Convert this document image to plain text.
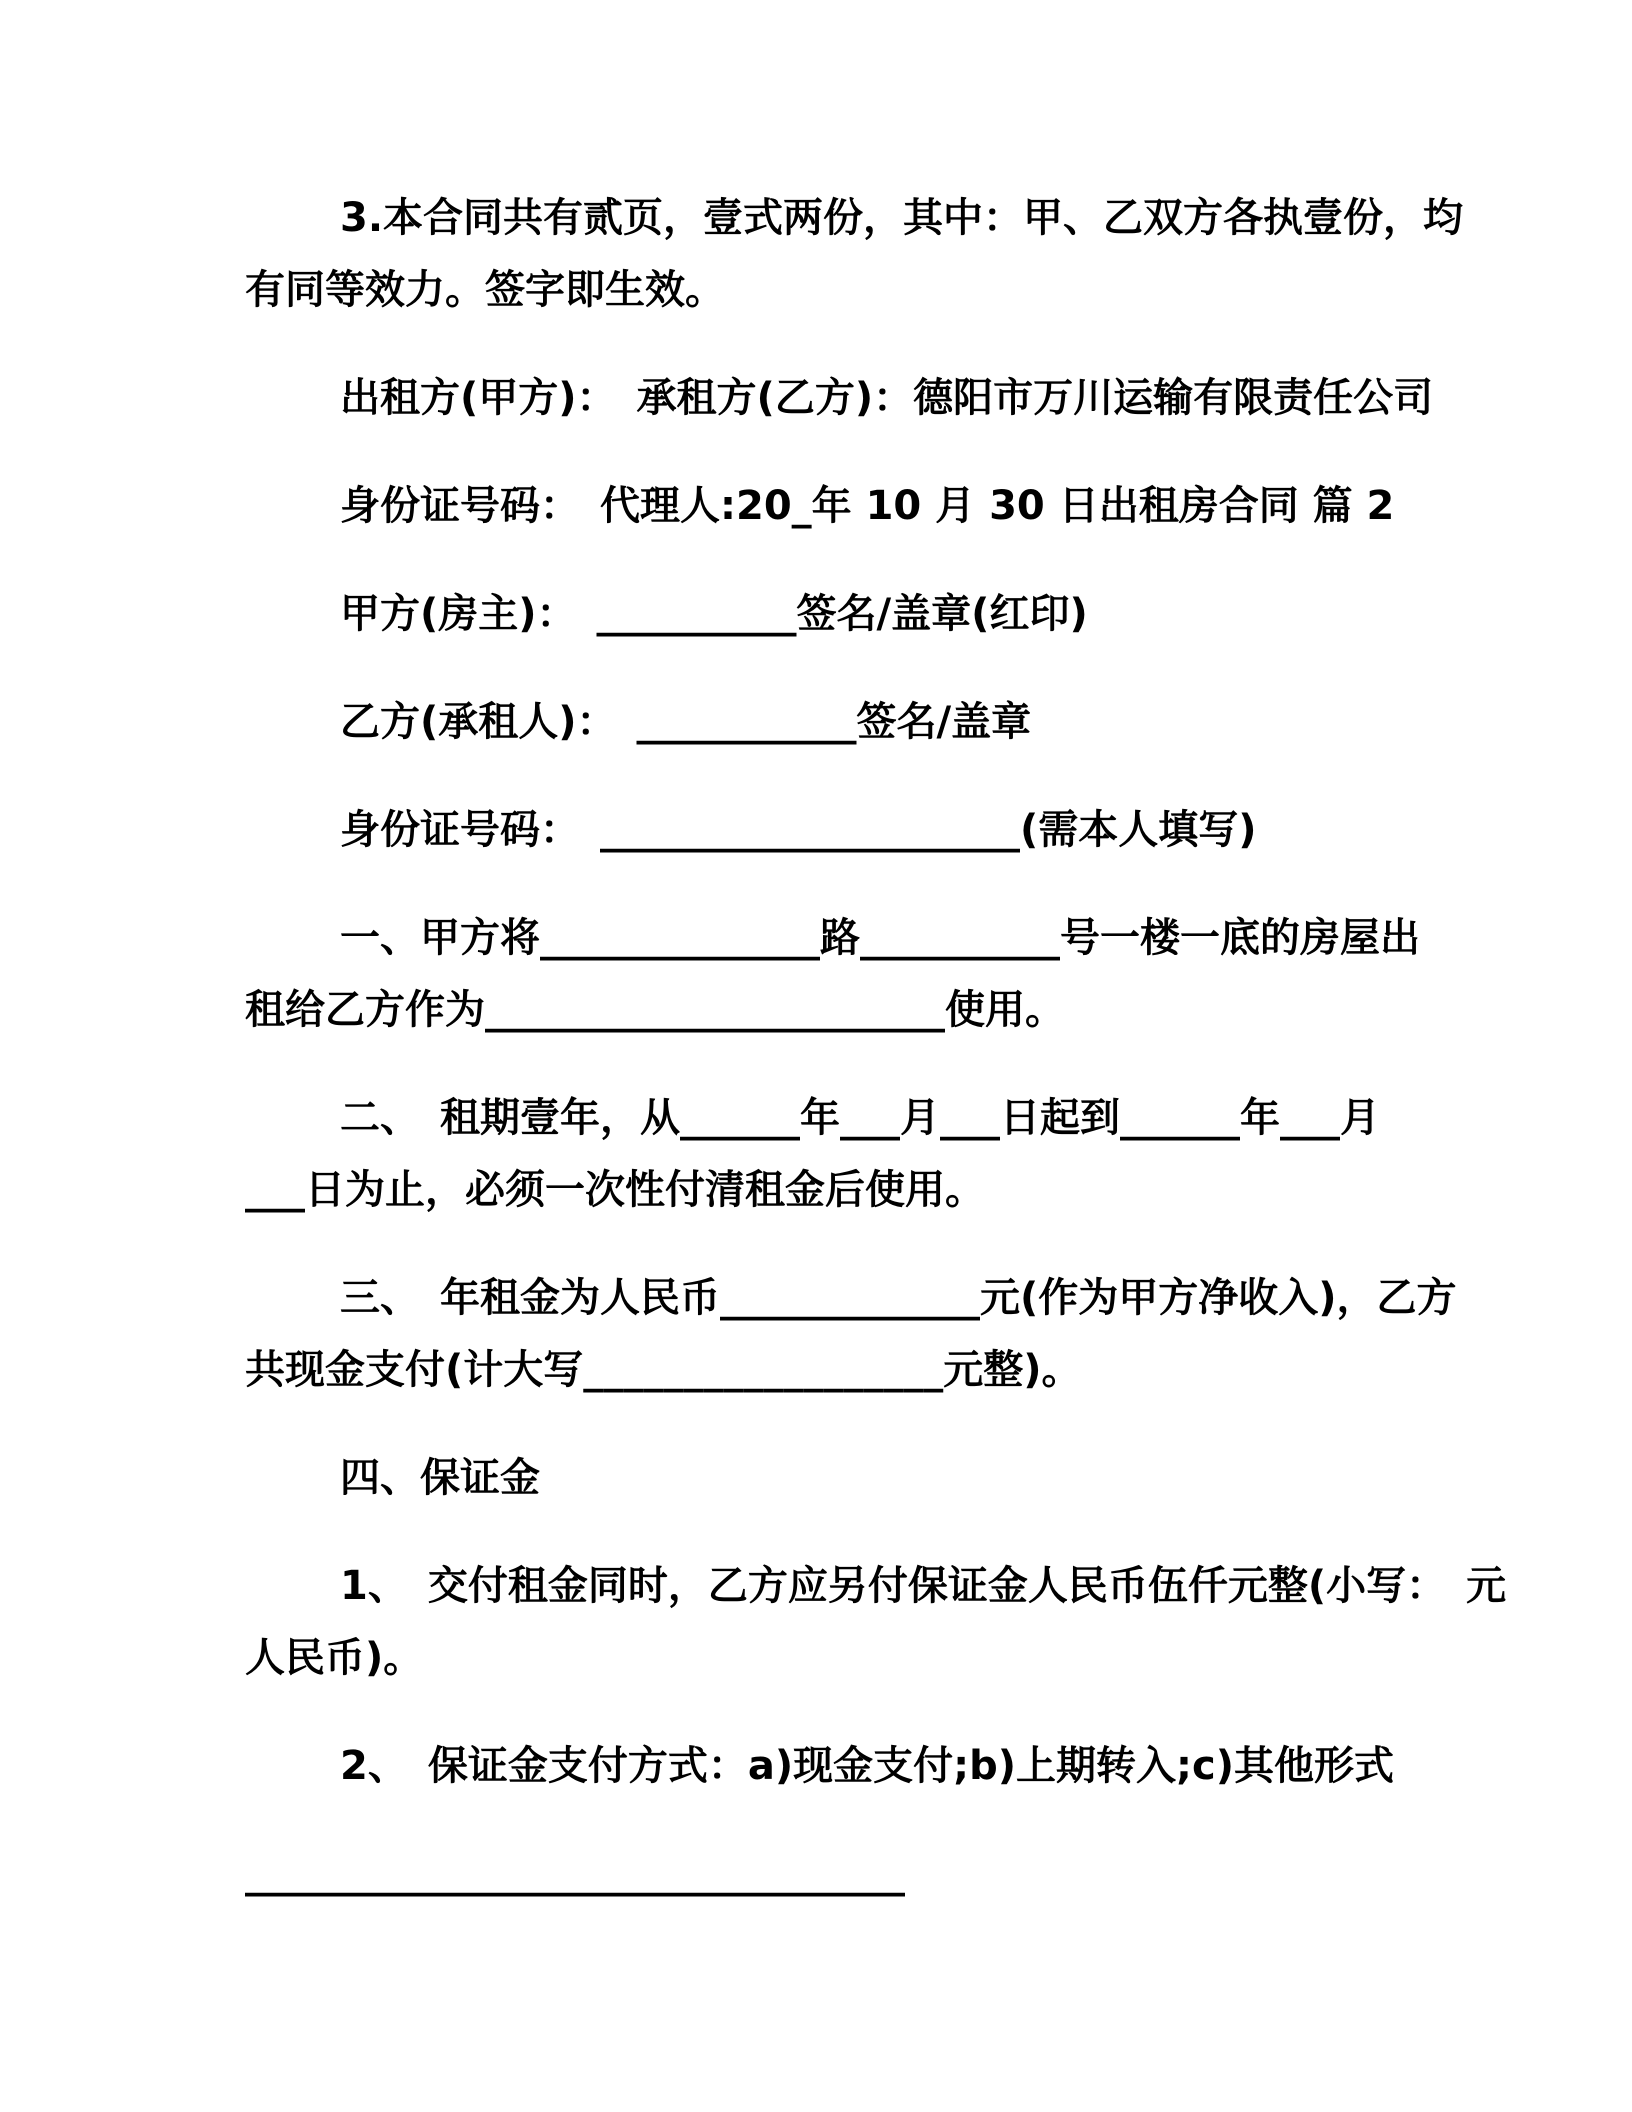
3.本合同共有贰页，壹式两份，其中：甲、乙双方各执壹份，均
有同等效力。签字即生效。
出租方(甲方)：　承租方(乙方)：德阳市万川运输有限责任公司
身份证号码：　代理人:20_年 10 月 30 日出租房合同 篇 2
甲方(房主)：　__________签名/盖章(红印)
乙方(承租人)：　___________签名/盖章
身份证号码：　_____________________(需本人填写)
一、甲方将______________路__________号一楼一底的房屋出
租给乙方作为_______________________使用。
二、　租期壹年，从______年___月___日起到______年___月
___日为止，必须一次性付清租金后使用。
三、　年租金为人民币_____________元(作为甲方净收入)，乙方
共现金支付(计大写__________________元整)。
四、保证金
1、　交付租金同时，乙方应另付保证金人民币伍仟元整(小写：　元
人民币)。
2、　保证金支付方式：a)现金支付;b)上期转入;c)其他形式
_________________________________
